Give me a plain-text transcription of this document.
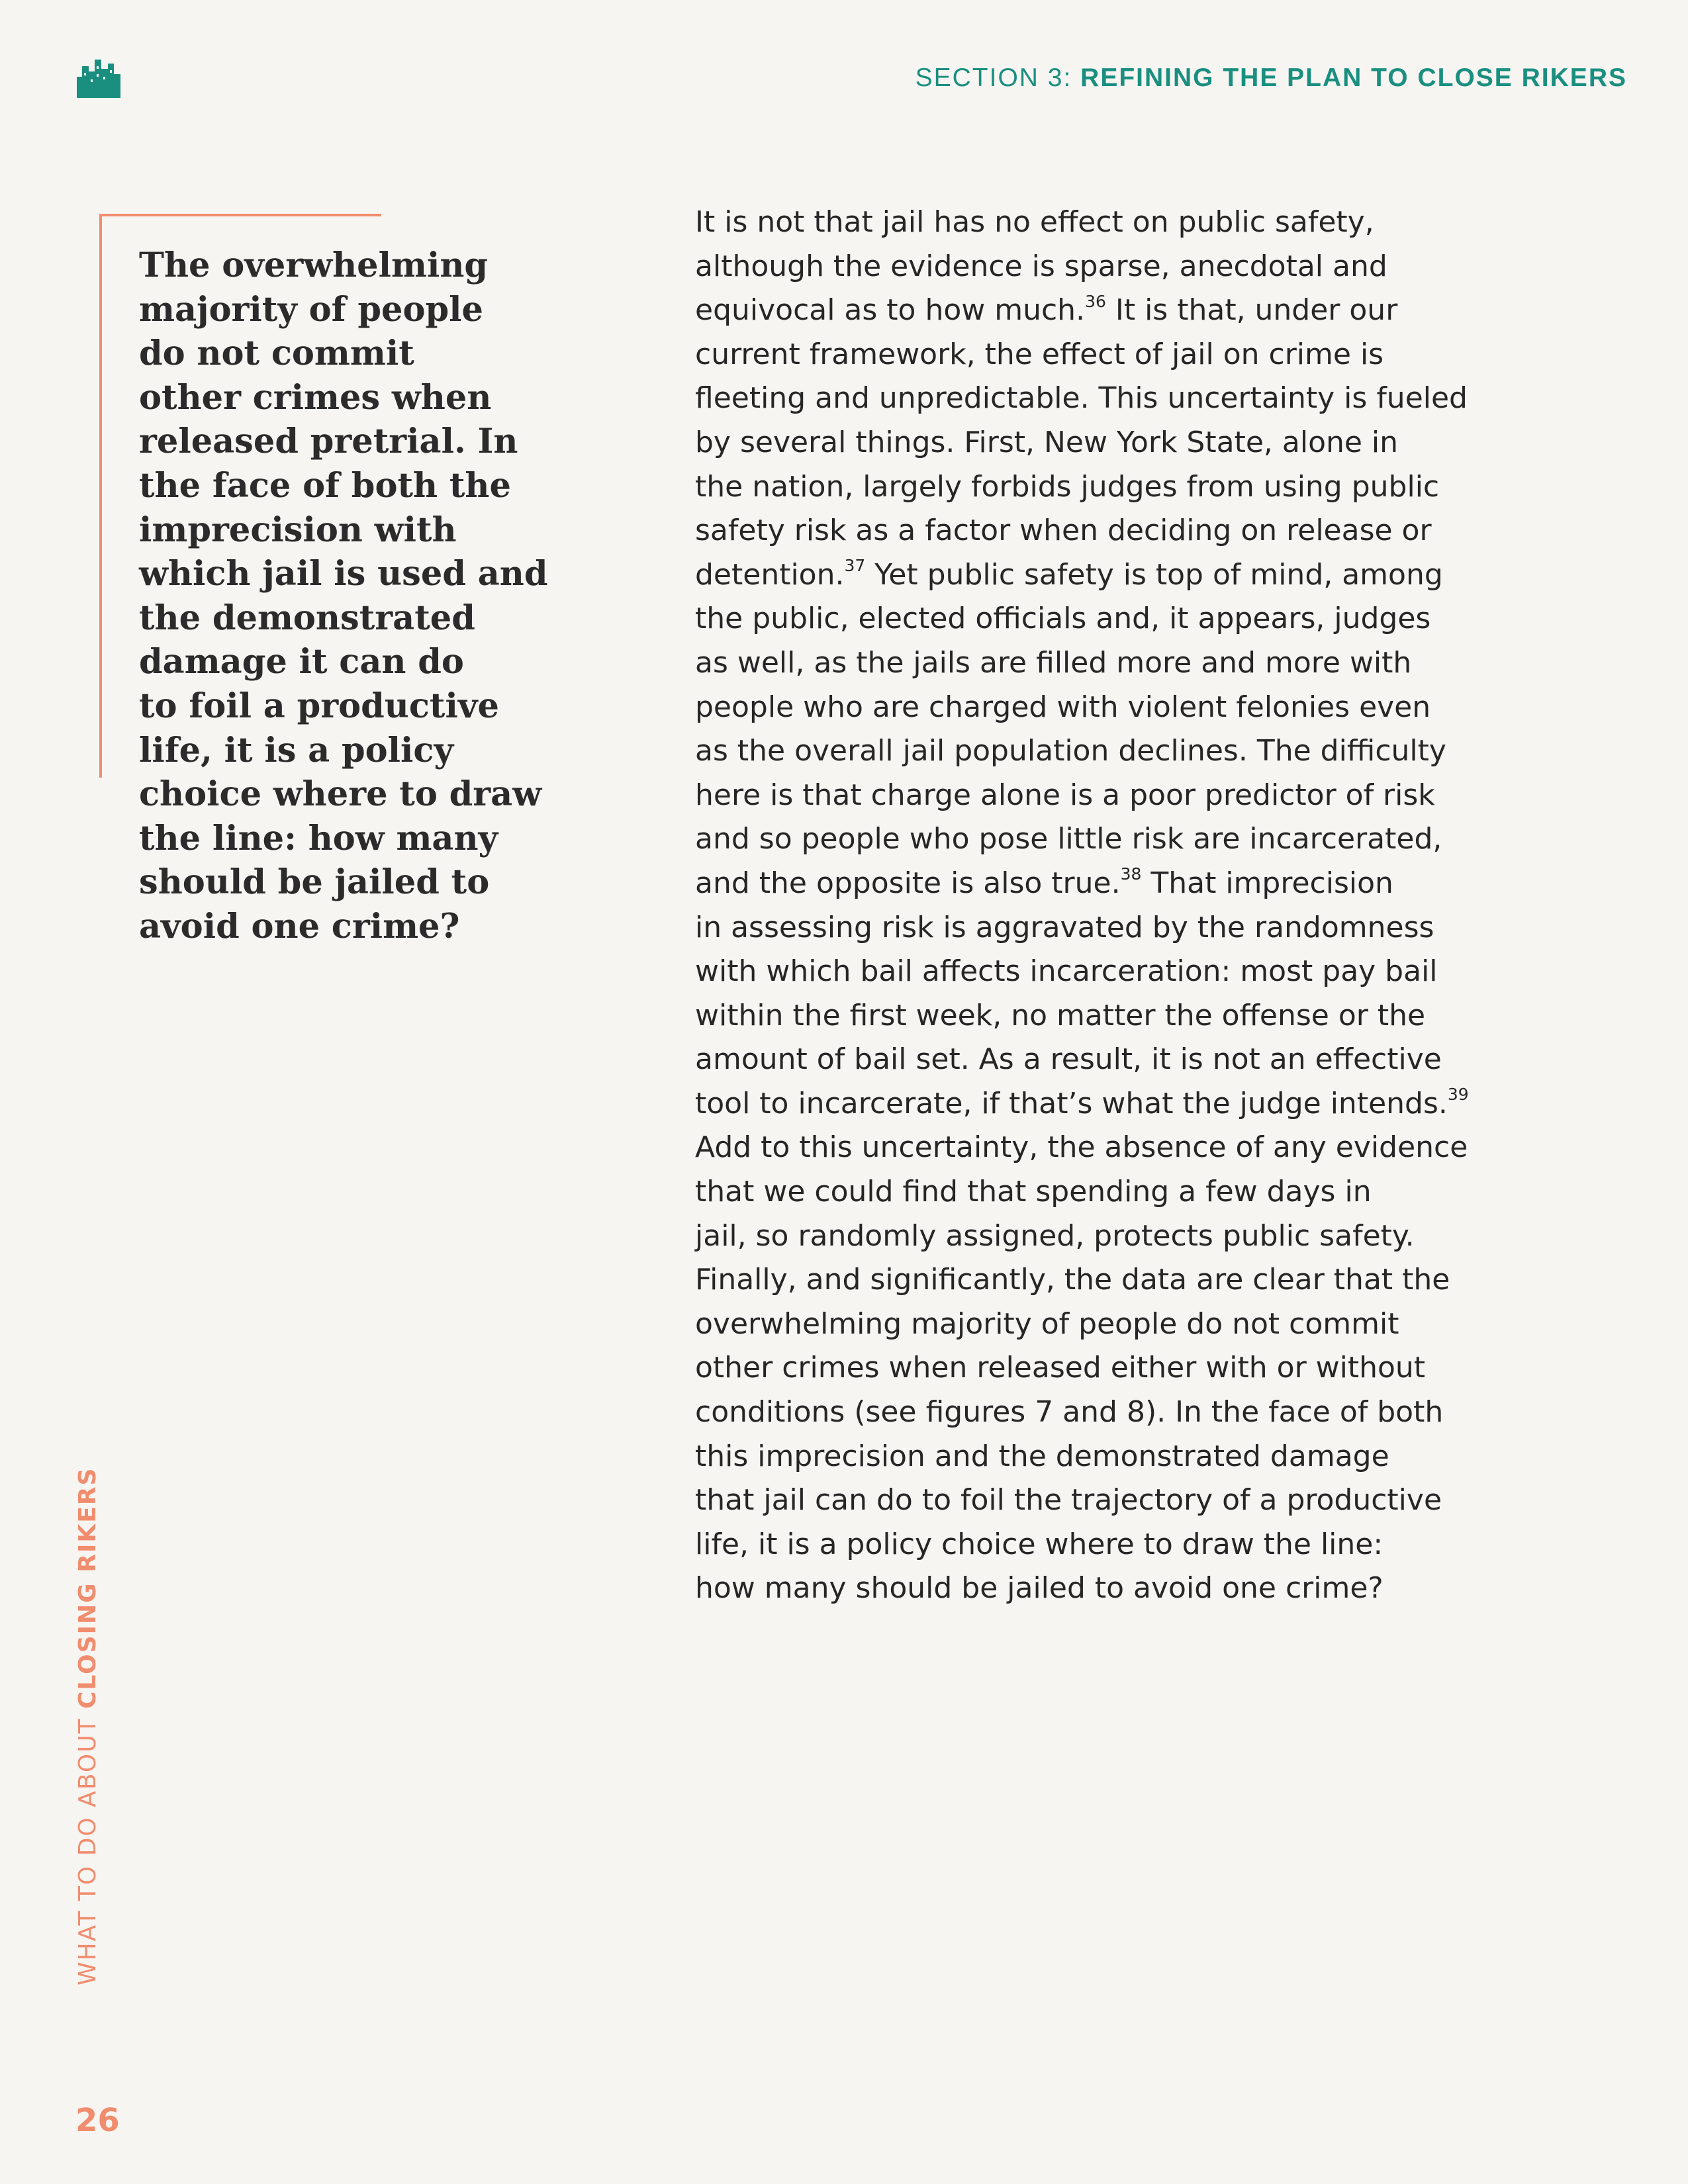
SECTION 3: REFINING THE PLAN TO CLOSE RIKERS

The overwhelming
majority of people
do not commit
other crimes when
released pretrial. In
the face of both the
imprecision with
which jail is used and
the demonstrated
damage it can do
to foil a productive
life, it is a policy
choice where to draw
the line: how many
should be jailed to
avoid one crime?

It is not that jail has no effect on public safety,
although the evidence is sparse, anecdotal and
equivocal as to how much.$^{36}$ It is that, under our
current framework, the effect of jail on crime is
fleeting and unpredictable. This uncertainty is fueled
by several things. First, New York State, alone in
the nation, largely forbids judges from using public
safety risk as a factor when deciding on release or
detention.$^{37}$ Yet public safety is top of mind, among
the public, elected officials and, it appears, judges
as well, as the jails are filled more and more with
people who are charged with violent felonies even
as the overall jail population declines. The difficulty
here is that charge alone is a poor predictor of risk
and so people who pose little risk are incarcerated,
and the opposite is also true.$^{38}$ That imprecision
in assessing risk is aggravated by the randomness
with which bail affects incarceration: most pay bail
within the first week, no matter the offense or the
amount of bail set. As a result, it is not an effective
tool to incarcerate, if that’s what the judge intends.$^{39}$
Add to this uncertainty, the absence of any evidence
that we could find that spending a few days in
jail, so randomly assigned, protects public safety.
Finally, and significantly, the data are clear that the
overwhelming majority of people do not commit
other crimes when released either with or without
conditions (see figures 7 and 8). In the face of both
this imprecision and the demonstrated damage
that jail can do to foil the trajectory of a productive
life, it is a policy choice where to draw the line:
how many should be jailed to avoid one crime?

WHAT TO DO ABOUT CLOSING RIKERS
26
